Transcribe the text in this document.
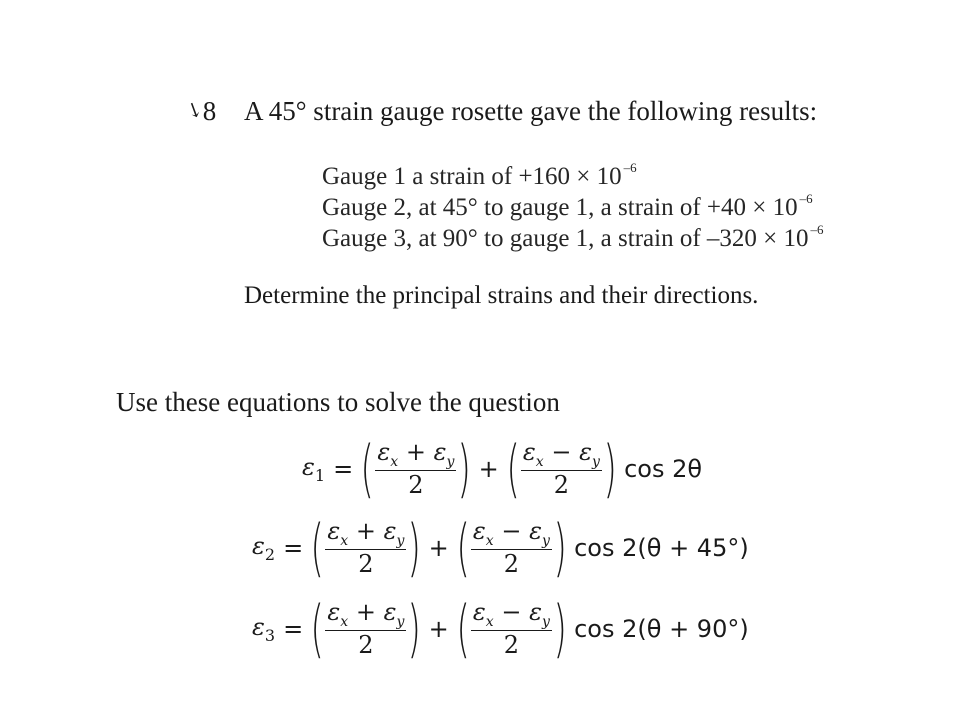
↘8 A 45° strain gauge rosette gave the following results:
Gauge 1 a strain of +160 × 10 $^{-6}$
Gauge 2, at 45° to gauge 1, a strain of +40 × 10 $^{-6}$
Gauge 3, at 90° to gauge 1, a strain of –320 × 10 $^{-6}$
Determine the principal strains and their directions.
Use these equations to solve the question
$\varepsilon_1$ = ( $\frac{\varepsilon_x + \varepsilon_y}{2}$ ) + ( $\frac{\varepsilon_x - \varepsilon_y}{2}$ ) cos 2θ
$\varepsilon_2$ = ( $\frac{\varepsilon_x + \varepsilon_y}{2}$ ) + ( $\frac{\varepsilon_x - \varepsilon_y}{2}$ ) cos 2(θ + 45°)
$\varepsilon_3$ = ( $\frac{\varepsilon_x + \varepsilon_y}{2}$ ) + ( $\frac{\varepsilon_x - \varepsilon_y}{2}$ ) cos 2(θ + 90°)
